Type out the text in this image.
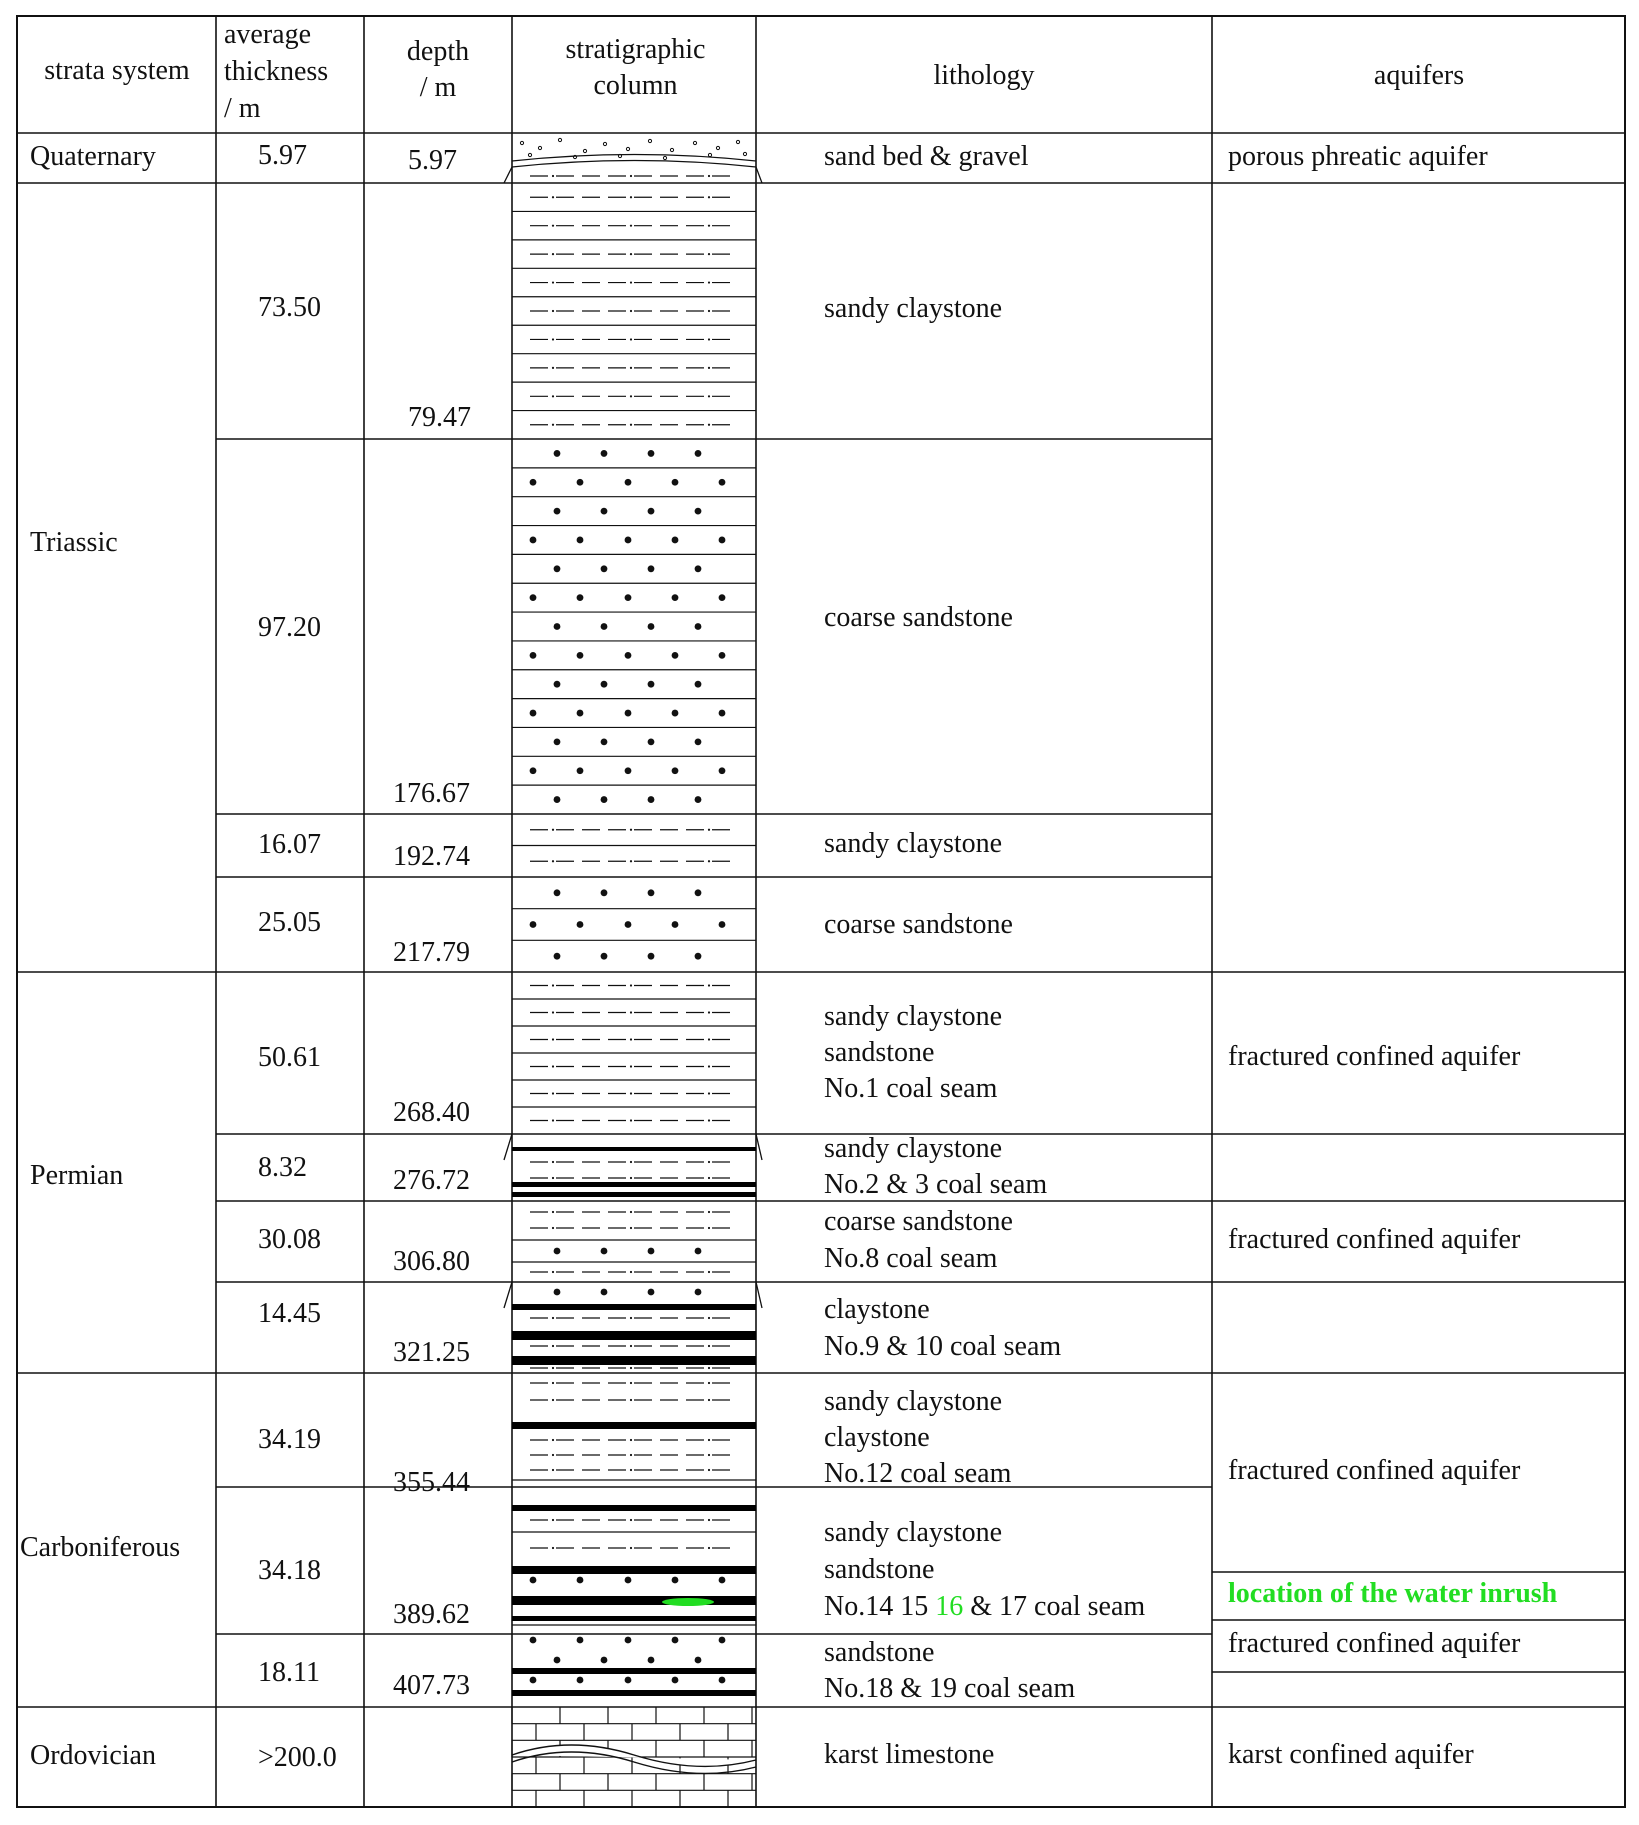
strata system
average
thickness
/ m
depth
/ m
stratigraphic
column	lithology	aquifers
Quaternary
Triassic
Permian
Carboniferous
Ordovician
5.97
73.50
97.20
16.07
25.05
50.61
8.32
30.08
14.45
34.19
34.18
18.11
>200.0
5.97
79.47
176.67
192.74
217.79
268.40
276.72
306.80
321.25
355.44
389.62
407.73
sand bed & gravel
sandy claystone
coarse sandstone
sandy claystone
coarse sandstone
sandy claystone
sandstone
No.1 coal seam
sandy claystone
No.2 & 3 coal seam
coarse sandstone
No.8 coal seam
claystone
No.9 & 10 coal seam
sandy claystone
claystone
No.12 coal seam
sandy claystone
sandstone
No.14 15 16 & 17 coal seam
sandstone
No.18 & 19 coal seam
karst limestone
porous phreatic aquifer
fractured confined aquifer
fractured confined aquifer
fractured confined aquifer
location of the water inrush
fractured confined aquifer
karst confined aquifer
